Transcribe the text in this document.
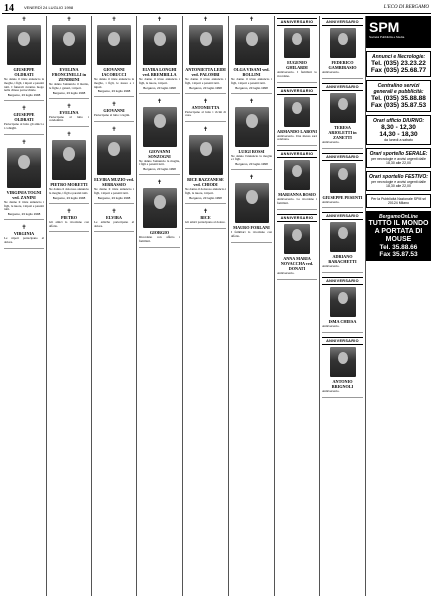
14	VENERDÌ 24 LUGLIO 1998	L'ECO DI BERGAMO
✝
GIUSEPPE OLDRATI
Ne danno il triste annuncio la moglie, i figli, i nipoti e parenti tutti. I funerali avranno luogo nella chiesa parrocchiale.
Bergamo, 23 luglio 1998
✝
GIUSEPPE OLDRATI
Partecipano al lutto gli amici e i colleghi.
✝
VIRGINIA TOGNI ved. ZANINI
Ne danno il triste annuncio i figli, le nuore, i nipoti e parenti tutti.
Bergamo, 23 luglio 1998
✝
VIRGINIA
Le nipoti partecipano al dolore.
✝
EVELINA FRONCINELLI in ZENDRINI
Ne danno l'annuncio il marito, le figlie, i generi, i nipoti.
Bergamo, 23 luglio 1998
✝
EVELINA
Partecipano al lutto i condomini.
✝
PIETRO MORETTI
Ne danno il doloroso annuncio la moglie, i figli e parenti tutti.
Bergamo, 23 luglio 1998
✝
PIETRO
Gli amici lo ricordano con affetto.
✝
GIOVANNI IACOBUCCI
Ne danno il triste annuncio la moglie, i figli, le nuore e i nipoti.
Bergamo, 23 luglio 1998
✝
GIOVANNI
Partecipano al lutto i cugini.
✝
ELVIRA MUZIO ved. SERRASSIO
Ne danno il triste annuncio i figli, i nipoti e parenti tutti.
Bergamo, 23 luglio 1998
✝
ELVIRA
Le amiche partecipano al dolore.
✝
ELVIRA LONGHI ved. BREMBILLA
Ne danno il triste annuncio i figli, le nuore, i nipoti.
Bergamo, 23 luglio 1998
✝
GIOVANNI SONZOGNI
Ne danno l'annuncio la moglie, i figli e parenti tutti.
Bergamo, 23 luglio 1998
✝
GIORGIO
Ricordano con affetto i familiari.
✝
ANTONIETTA LEIDI ved. PALOMBI
Ne danno il triste annuncio i figli, i nipoti e parenti tutti.
Bergamo, 23 luglio 1998
✝
ANTONIETTA
Partecipano al lutto i vicini di casa.
✝
BICE BAZZANESE ved. CHIODI
Ne danno il doloroso annuncio i figli, le nuore, i nipoti.
Bergamo, 23 luglio 1998
✝
BICE
Gli amici partecipano al dolore.
✝
OLGA VISANI ved. BOLLINI
Ne danno il triste annuncio i figli, i nipoti e parenti tutti.
Bergamo, 23 luglio 1998
✝
LUIGI ROSSI
Ne danno l'annuncio la moglie e i figli.
Bergamo, 23 luglio 1998
✝
MAURO FORLANI
I familiari lo ricordano con affetto.
ANNIVERSARIO
EUGENIO GHILARDI
Anniversario. I familiari lo ricordano.
ANNIVERSARIO
ARMANDO LABONI
Anniversario. Una messa sarà celebrata.
ANNIVERSARIO
MARIANNA BOSIO
Anniversario. La ricordano i familiari.
ANNIVERSARIO
ANNA MARIA NOVACCHA ved. DONATI
Anniversario.
ANNIVERSARIO
FEDERICO GAMBIRASIO
Anniversario.
ANNIVERSARIO
TERESA ARIOLETTI in ZANETTI
Anniversario.
ANNIVERSARIO
GIUSEPPE PESENTI
Anniversario.
ANNIVERSARIO
ADRIANO BARACHETTI
Anniversario.
ANNIVERSARIO
ISMA CHIESA
Anniversario.
ANNIVERSARIO
ANTONIO BRIGNOLI
Anniversario.
SPM
Società Pubblicità e Media
Annunci e Necrologie:
Tel. (035) 23.23.22
Fax (035) 25.68.77
Centralino servizi generali e pubblicità:
Tel. (035) 35.88.88
Fax (035) 35.87.53
Orari ufficio DIURNO:
8,30 - 12,30
14,30 - 18,30
da lunedì a sabato
Orari sportello SERALE:
per necrologie e avvisi urgenti dalle 18,30 alle 22,00
Orari sportello FESTIVO:
per necrologie e avvisi urgenti dalle 18,30 alle 22,00
Per la Pubblicità Nazionale SPM srl 20124 Milano
BergamoOnLine
TUTTO IL MONDO A PORTATA DI MOUSE
Tel. 35.88.66
Fax 35.87.53
